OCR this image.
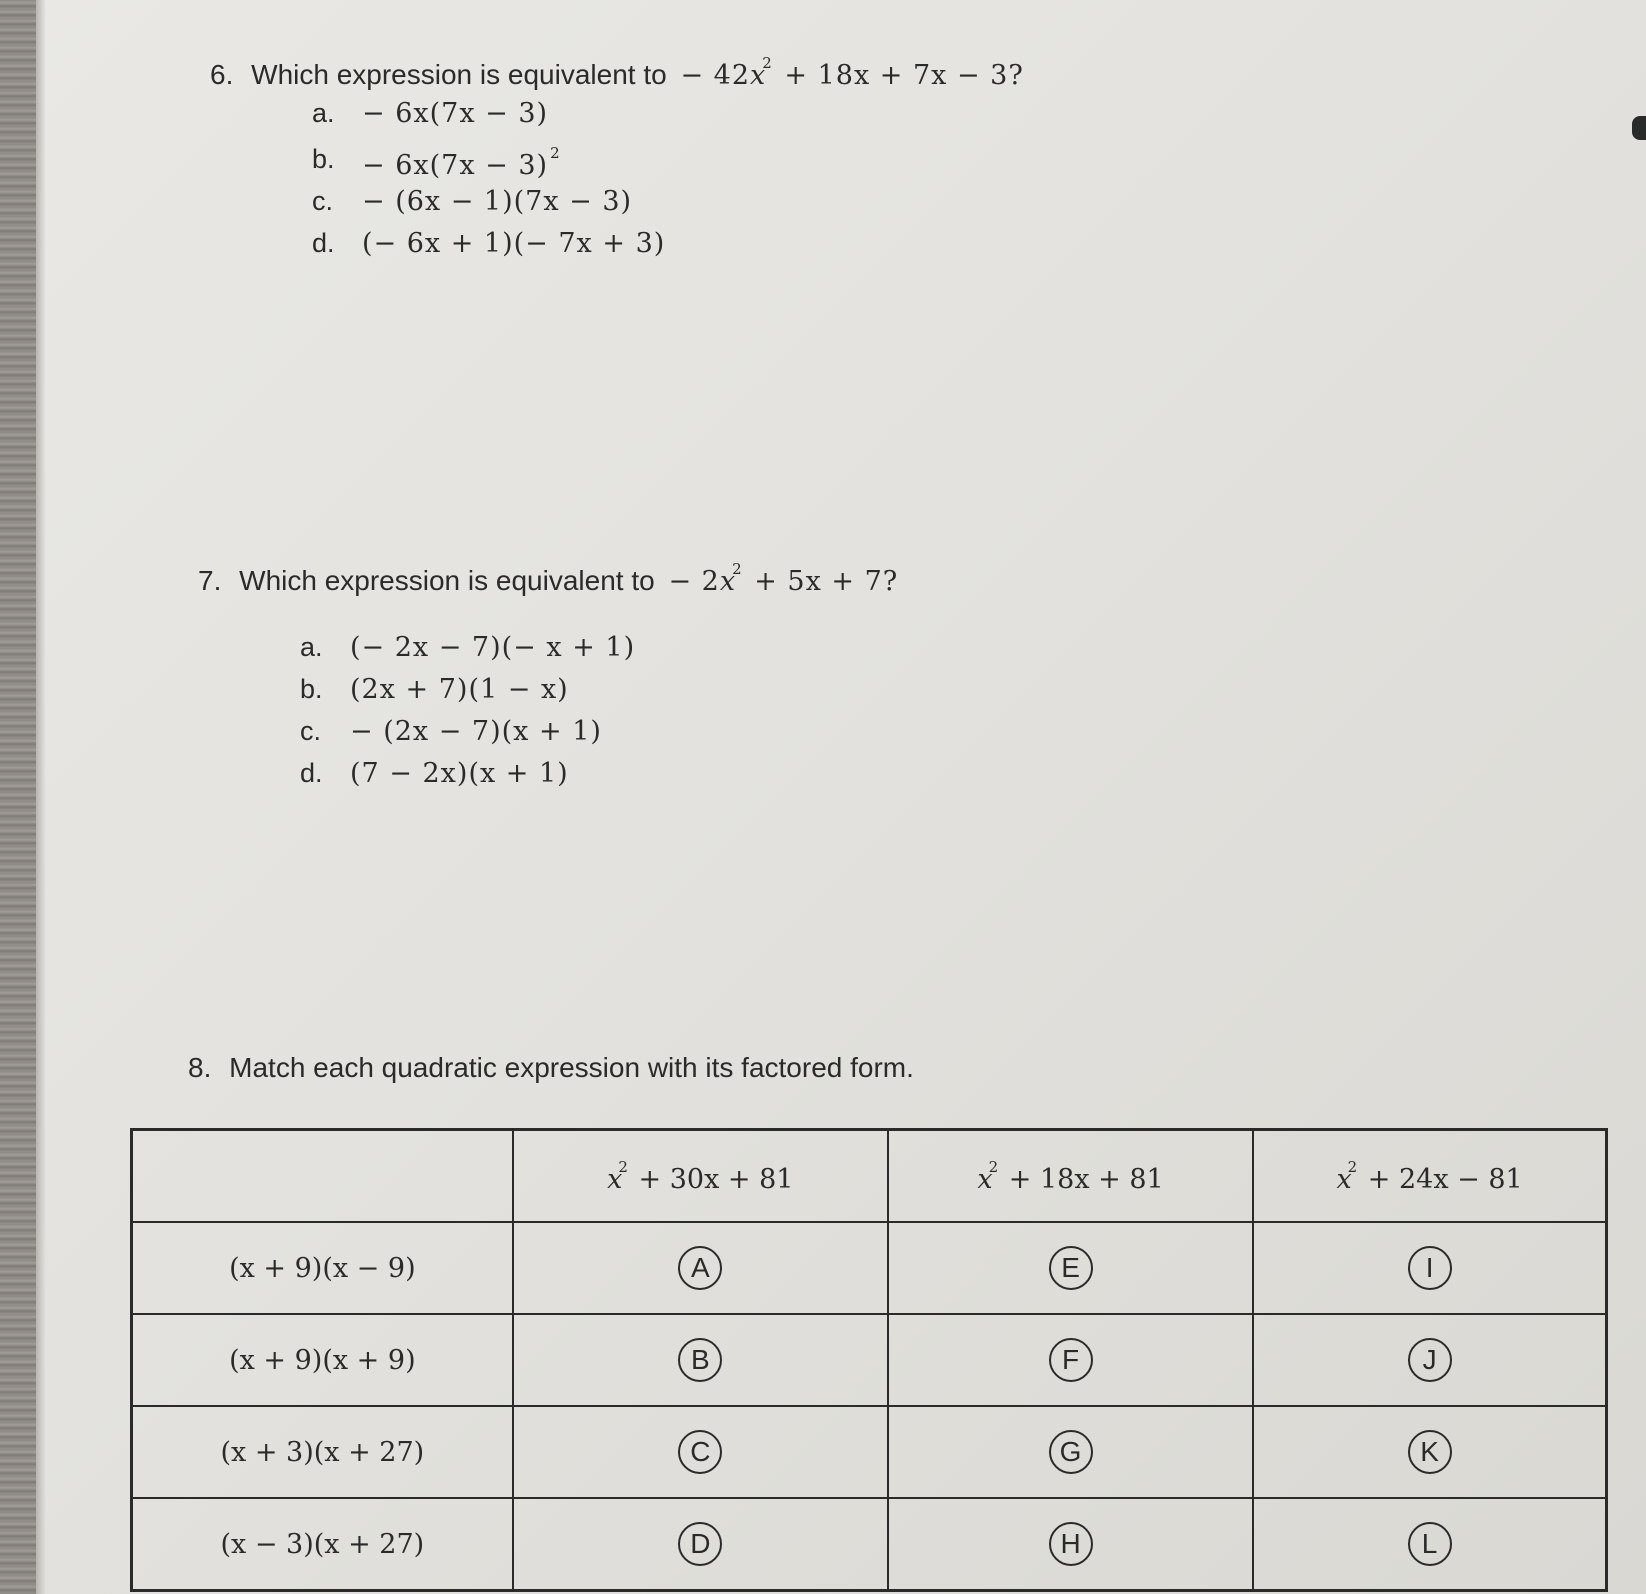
6. Which expression is equivalent to − $42x^2 + 18x + 7x - 3$?
a.	− 6x(7x − 3)
b.	− 6x(7x − 3) $^2$
c.	− (6x − 1)(7x − 3)
d.	(− 6x + 1)(− 7x + 3)
7. Which expression is equivalent to − $2x^2 + 5x + 7$?
a.	(− 2x − 7)(− x + 1)
b.	(2x + 7)(1 − x)
c.	− (2x − 7)(x + 1)
d.	(7 − 2x)(x + 1)
8. Match each quadratic expression with its factored form.
	$x^2 + 30x + 81$	$x^2 + 18x + 81$	$x^2 + 24x - 81$
(x + 9)(x − 9)	A	E	I
(x + 9)(x + 9)	B	F	J
(x + 3)(x + 27)	C	G	K
(x − 3)(x + 27)	D	H	L
